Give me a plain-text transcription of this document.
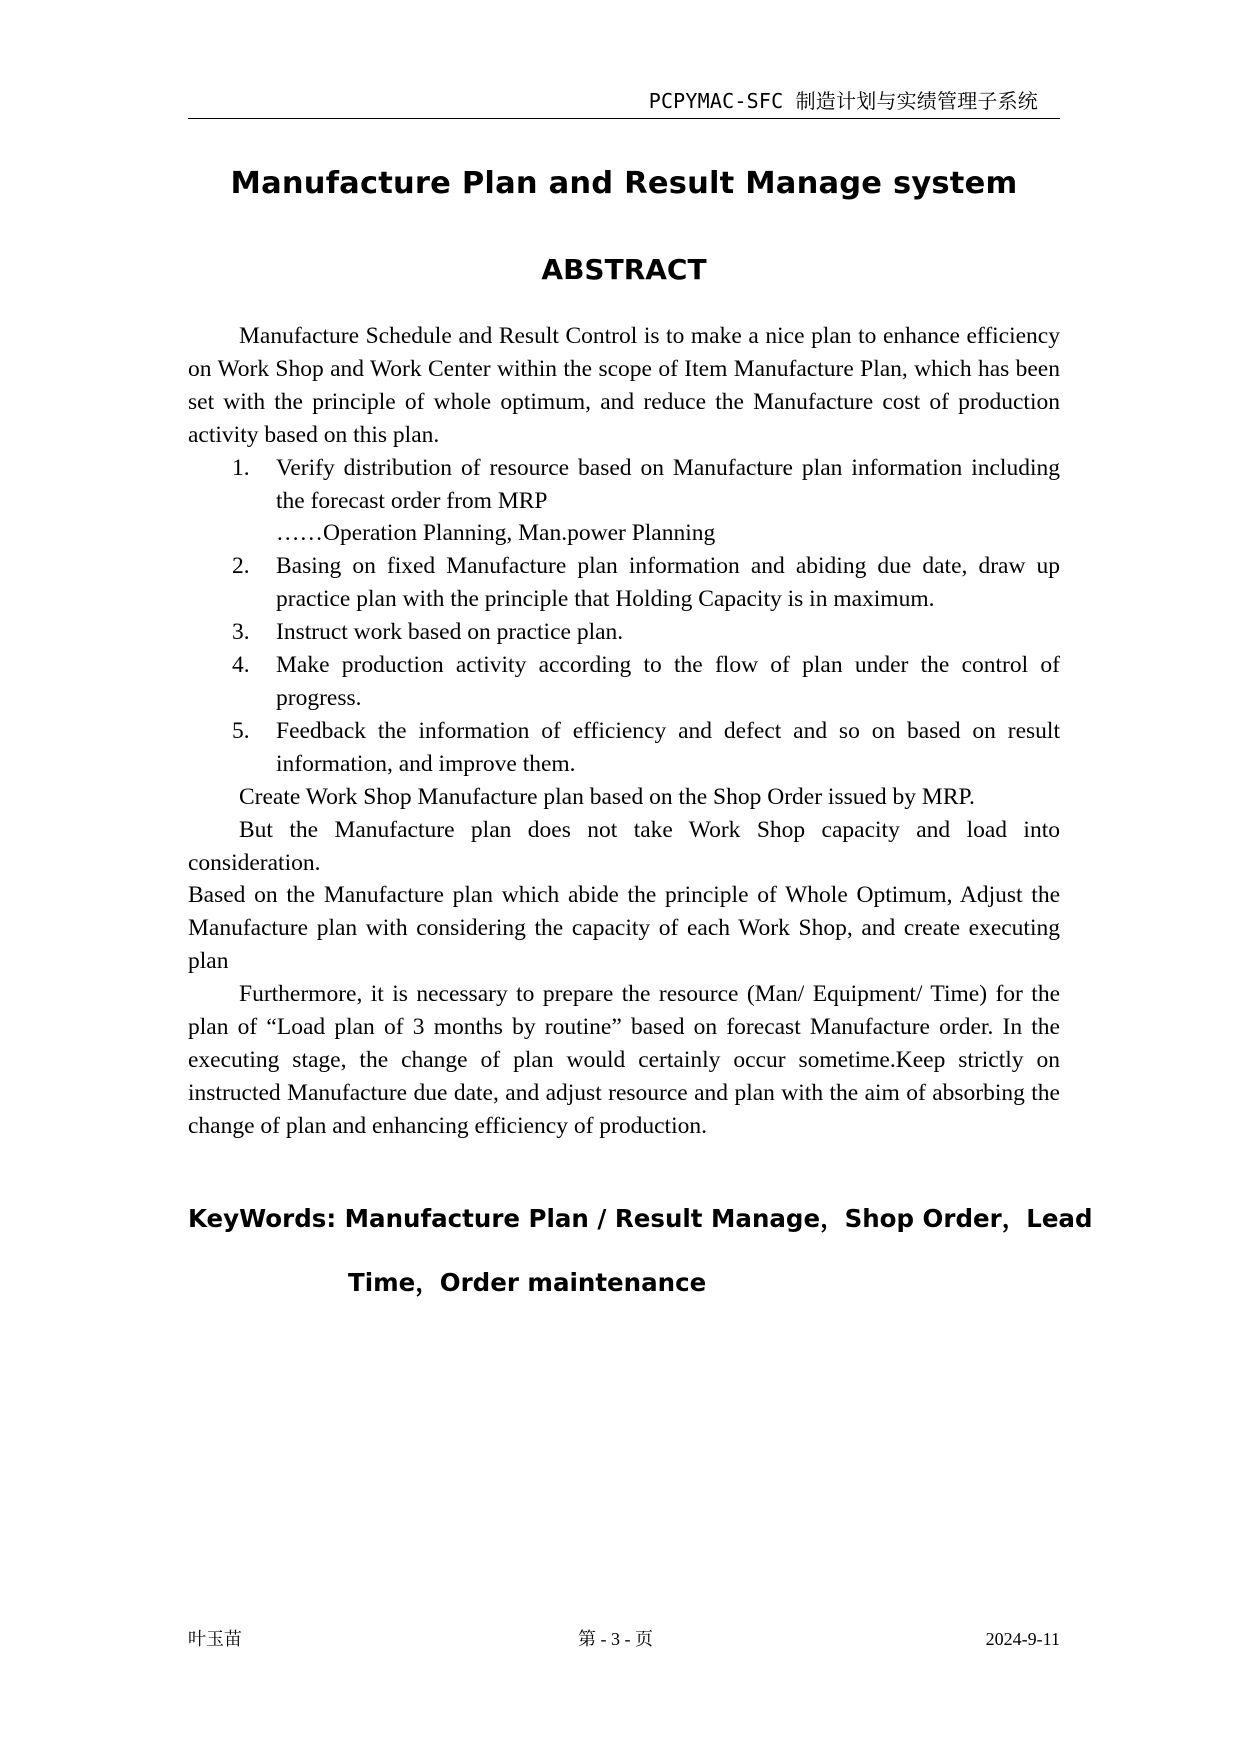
PCPYMAC-SFC 制造计划与实绩管理子系统
Manufacture Plan and Result Manage system
ABSTRACT

Manufacture Schedule and Result Control is to make a nice plan to enhance efficiency on Work Shop and Work Center within the scope of Item Manufacture Plan, which has been set with the principle of whole optimum, and reduce the Manufacture cost of production activity based on this plan.

1. Verify distribution of resource based on Manufacture plan information including the forecast order from MRP
……Operation Planning, Man.power Planning
2. Basing on fixed Manufacture plan information and abiding due date, draw up practice plan with the principle that Holding Capacity is in maximum.
3. Instruct work based on practice plan.
4. Make production activity according to the flow of plan under the control of progress.
5. Feedback the information of efficiency and defect and so on based on result information, and improve them.

Create Work Shop Manufacture plan based on the Shop Order issued by MRP.

But the Manufacture plan does not take Work Shop capacity and load into consideration.

Based on the Manufacture plan which abide the principle of Whole Optimum, Adjust the Manufacture plan with considering the capacity of each Work Shop, and create executing plan

Furthermore, it is necessary to prepare the resource (Man/ Equipment/ Time) for the plan of “Load plan of 3 months by routine” based on forecast Manufacture order. In the executing stage, the change of plan would certainly occur sometime.Keep strictly on instructed Manufacture due date, and adjust resource and plan with the aim of absorbing the change of plan and enhancing efficiency of production.

KeyWords: Manufacture Plan / Result Manage，Shop Order，Lead
Time，Order maintenance
叶玉苗	第 - 3 - 页	2024-9-11
